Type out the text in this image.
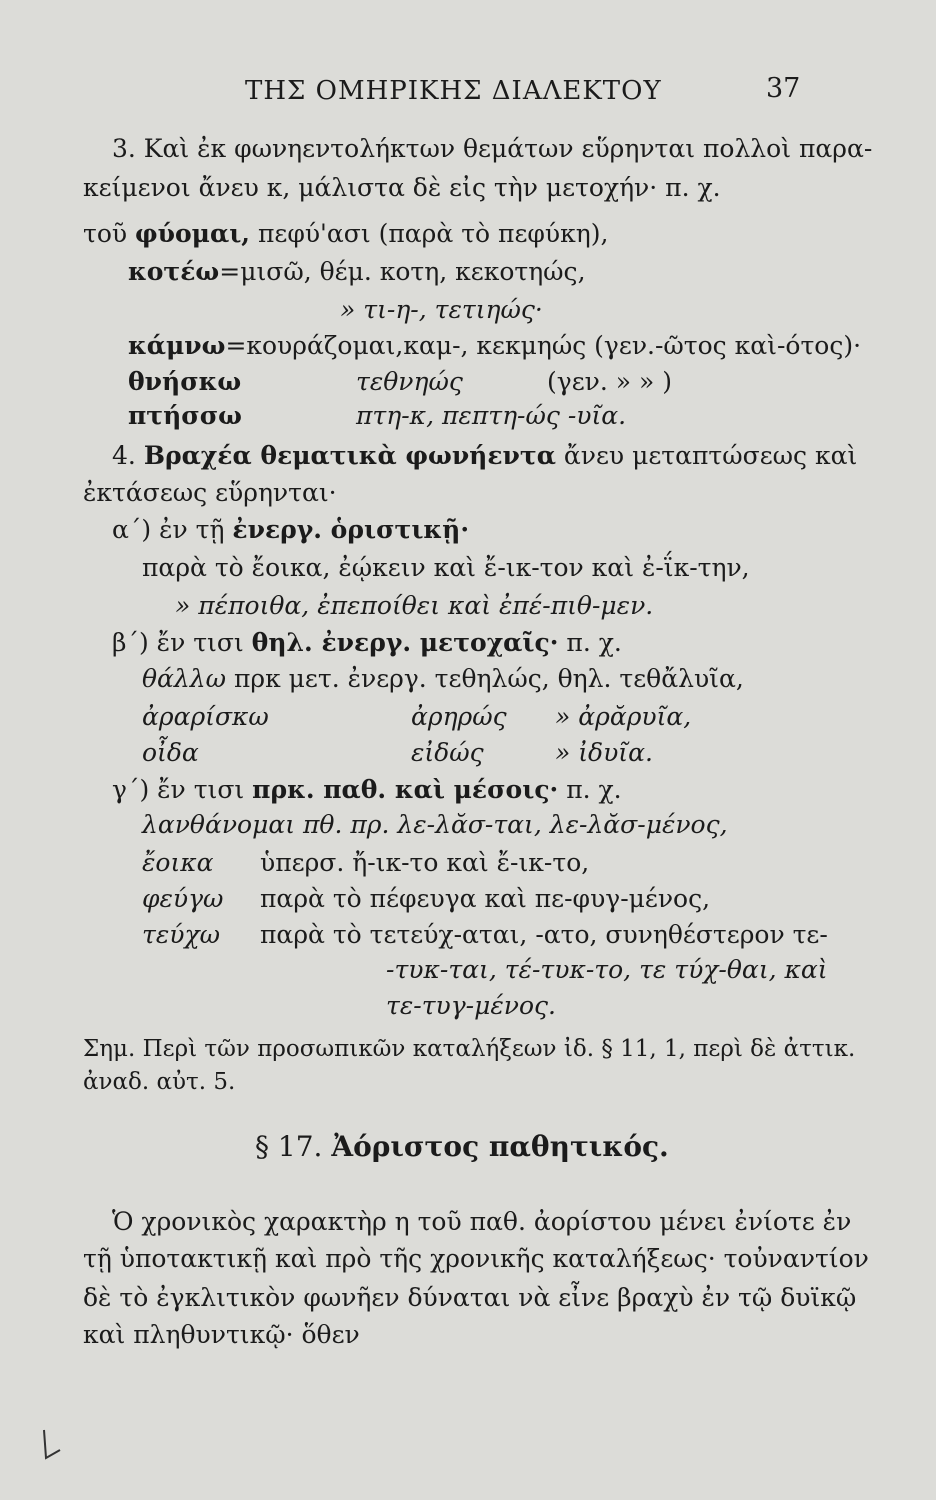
ΤΗΣ ΟΜΗΡΙΚΗΣ ΔΙΑΛΕΚΤΟΥ	37
3. Καὶ ἐκ φωνηεντολήκτων θεμάτων εὕρηνται πολλοὶ παρα-
κείμενοι ἄνευ κ, μάλιστα δὲ εἰς τὴν μετοχήν· π. χ.
τοῦ φύομαι, πεφύ'ασι (παρὰ τὸ πεφύκη),
κοτέω=μισῶ, θέμ. κοτη, κεκοτηώς,
» τι-η-, τετιηώς·
κάμνω=κουράζομαι,καμ-, κεκμηώς (γεν.-ῶτος καὶ-ότος)·
θνήσκω	τεθνηώς	(γεν. » » )
πτήσσω	πτη-κ, πεπτη-ώς -υῖα.
4. Βραχέα θεματικὰ φωνήεντα ἄνευ μεταπτώσεως καὶ
ἐκτάσεως εὕρηνται·
α΄) ἐν τῇ ἐνεργ. ὁριστικῇ·
παρὰ τὸ ἔοικα, ἐῴκειν καὶ ἔ-ικ-τον καὶ ἐ-ΐκ-την,
» πέποιθα, ἐπεποίθει καὶ ἐπέ-πιθ-μεν.
β΄) ἔν τισι θηλ. ἐνεργ. μετοχαῖς· π. χ.
θάλλω πρκ μετ. ἐνεργ. τεθηλώς, θηλ. τεθἄλυῖα,
ἀραρίσκω	ἀρηρώς » ἀρᾰρυῖα,
οἶδα	εἰδώς	» ἰδυῖα.
γ΄) ἔν τισι πρκ. παθ. καὶ μέσοις· π. χ.
λανθάνομαι πθ. πρ. λε-λᾰσ-ται, λε-λᾰσ-μένος,
ἔοικα ὑπερσ. ἤ-ικ-το καὶ ἔ-ικ-το,
φεύγω παρὰ τὸ πέφευγα καὶ πε-φυγ-μένος,
τεύχω παρὰ τὸ τετεύχ-αται, -ατο, συνηθέστερον τε-
-τυκ-ται, τέ-τυκ-το, τε τύχ-θαι, καὶ
τε-τυγ-μένος.
Σημ. Περὶ τῶν προσωπικῶν καταλήξεων ἰδ. § 11, 1, περὶ δὲ ἀττικ.
ἀναδ. αὐτ. 5.
§ 17. Ἀόριστος παθητικός.
Ὁ χρονικὸς χαρακτὴρ η τοῦ παθ. ἀορίστου μένει ἐνίοτε ἐν
τῇ ὑποτακτικῇ καὶ πρὸ τῆς χρονικῆς καταλήξεως· τοὐναντίον
δὲ τὸ ἐγκλιτικὸν φωνῆεν δύναται νὰ εἶνε βραχὺ ἐν τῷ δυϊκῷ
καὶ πληθυντικῷ· ὅθεν
